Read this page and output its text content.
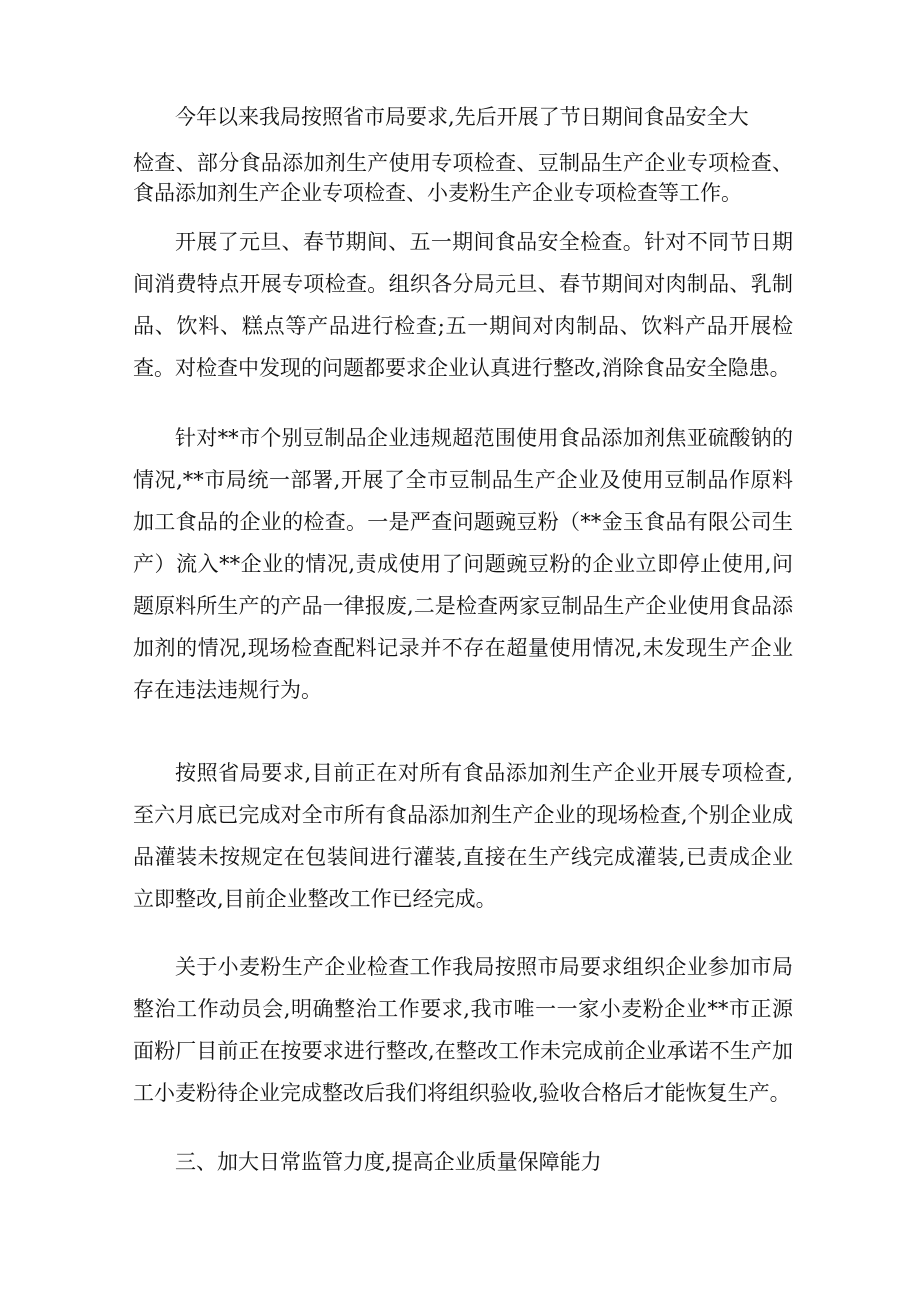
今年以来我局按照省市局要求,先后开展了节日期间食品安全大

检查、部分食品添加剂生产使用专项检查、豆制品生产企业专项检查、食品添加剂生产企业专项检查、小麦粉生产企业专项检查等工作。

开展了元旦、春节期间、五一期间食品安全检查。针对不同节日期间消费特点开展专项检查。组织各分局元旦、春节期间对肉制品、乳制品、饮料、糕点等产品进行检查;五一期间对肉制品、饮料产品开展检查。对检查中发现的问题都要求企业认真进行整改,消除食品安全隐患。

针对**市个别豆制品企业违规超范围使用食品添加剂焦亚硫酸钠的情况,**市局统一部署,开展了全市豆制品生产企业及使用豆制品作原料加工食品的企业的检查。一是严查问题豌豆粉（**金玉食品有限公司生产）流入**企业的情况,责成使用了问题豌豆粉的企业立即停止使用,问题原料所生产的产品一律报废,二是检查两家豆制品生产企业使用食品添加剂的情况,现场检查配料记录并不存在超量使用情况,未发现生产企业存在违法违规行为。

按照省局要求,目前正在对所有食品添加剂生产企业开展专项检查,至六月底已完成对全市所有食品添加剂生产企业的现场检查,个别企业成品灌装未按规定在包装间进行灌装,直接在生产线完成灌装,已责成企业立即整改,目前企业整改工作已经完成。

关于小麦粉生产企业检查工作我局按照市局要求组织企业参加市局整治工作动员会,明确整治工作要求,我市唯一一家小麦粉企业**市正源面粉厂目前正在按要求进行整改,在整改工作未完成前企业承诺不生产加工小麦粉待企业完成整改后我们将组织验收,验收合格后才能恢复生产。

三、加大日常监管力度,提高企业质量保障能力
